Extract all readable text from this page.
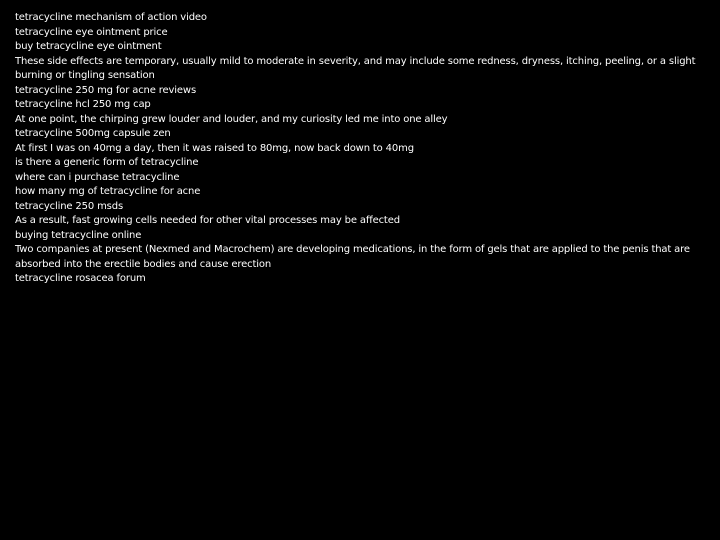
tetracycline mechanism of action video
tetracycline eye ointment price
buy tetracycline eye ointment
These side effects are temporary, usually mild to moderate in severity, and may include some redness, dryness, itching, peeling, or a slight burning or tingling sensation
tetracycline 250 mg for acne reviews
tetracycline hcl 250 mg cap
At one point, the chirping grew louder and louder, and my curiosity led me into one alley
tetracycline 500mg capsule zen
At first I was on 40mg a day, then it was raised to 80mg, now back down to 40mg
is there a generic form of tetracycline
where can i purchase tetracycline
how many mg of tetracycline for acne
tetracycline 250 msds
As a result, fast growing cells needed for other vital processes may be affected
buying tetracycline online
Two companies at present (Nexmed and Macrochem) are developing medications, in the form of gels that are applied to the penis that are absorbed into the erectile bodies and cause erection
tetracycline rosacea forum
